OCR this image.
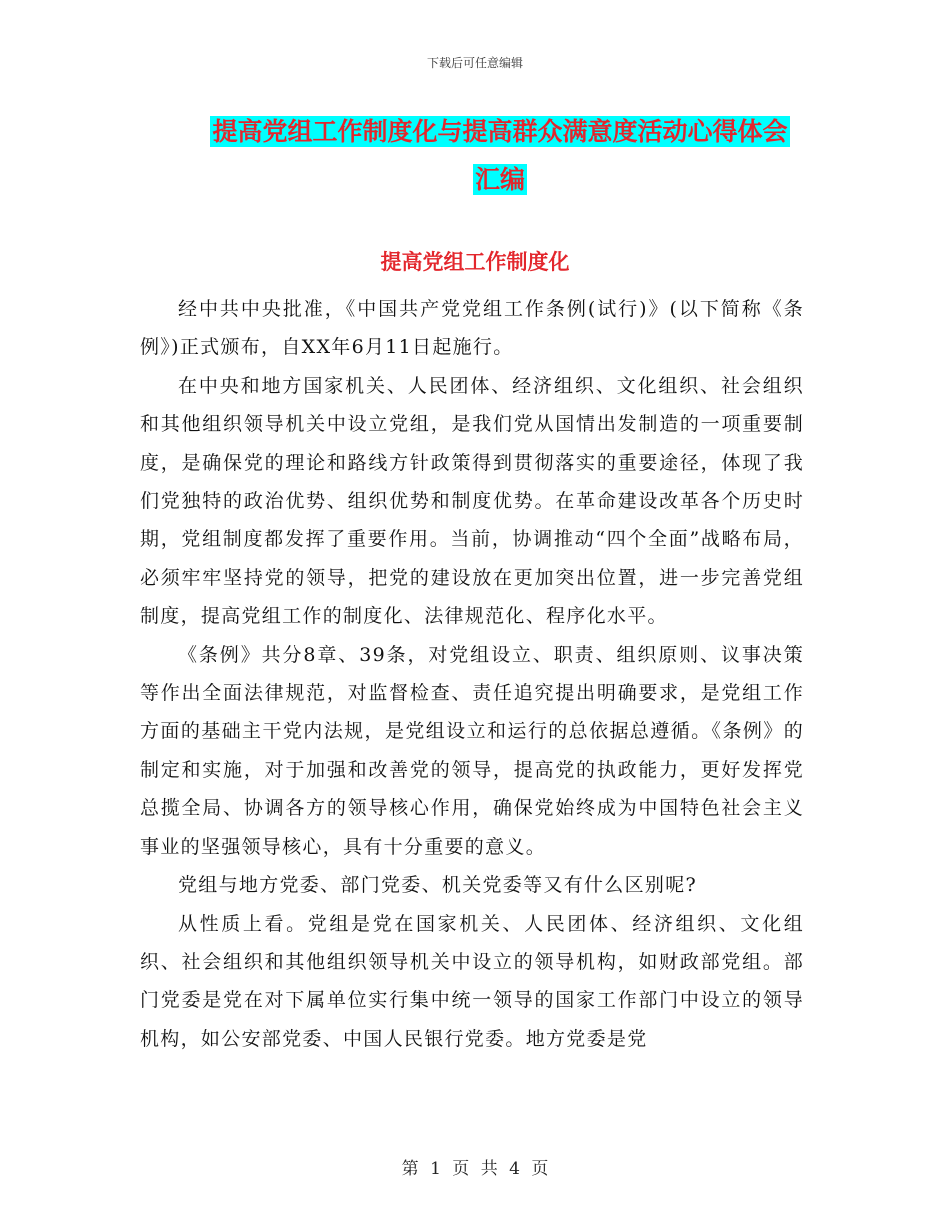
下载后可任意编辑
提高党组工作制度化与提高群众满意度活动心得体会
汇编
提高党组工作制度化

经中共中央批准，《中国共产党党组工作条例(试行)》(以下简称《条例》)正式颁布，自XX年6月11日起施行。

在中央和地方国家机关、人民团体、经济组织、文化组织、社会组织和其他组织领导机关中设立党组，是我们党从国情出发制造的一项重要制度，是确保党的理论和路线方针政策得到贯彻落实的重要途径，体现了我们党独特的政治优势、组织优势和制度优势。在革命建设改革各个历史时期，党组制度都发挥了重要作用。当前，协调推动“四个全面”战略布局，必须牢牢坚持党的领导，把党的建设放在更加突出位置，进一步完善党组制度，提高党组工作的制度化、法律规范化、程序化水平。

《条例》共分8章、39条，对党组设立、职责、组织原则、议事决策等作出全面法律规范，对监督检查、责任追究提出明确要求，是党组工作方面的基础主干党内法规，是党组设立和运行的总依据总遵循。《条例》的制定和实施，对于加强和改善党的领导，提高党的执政能力，更好发挥党总揽全局、协调各方的领导核心作用，确保党始终成为中国特色社会主义事业的坚强领导核心，具有十分重要的意义。

党组与地方党委、部门党委、机关党委等又有什么区别呢?

从性质上看。党组是党在国家机关、人民团体、经济组织、文化组织、社会组织和其他组织领导机关中设立的领导机构，如财政部党组。部门党委是党在对下属单位实行集中统一领导的国家工作部门中设立的领导机构，如公安部党委、中国人民银行党委。地方党委是党

第 1 页 共 4 页
